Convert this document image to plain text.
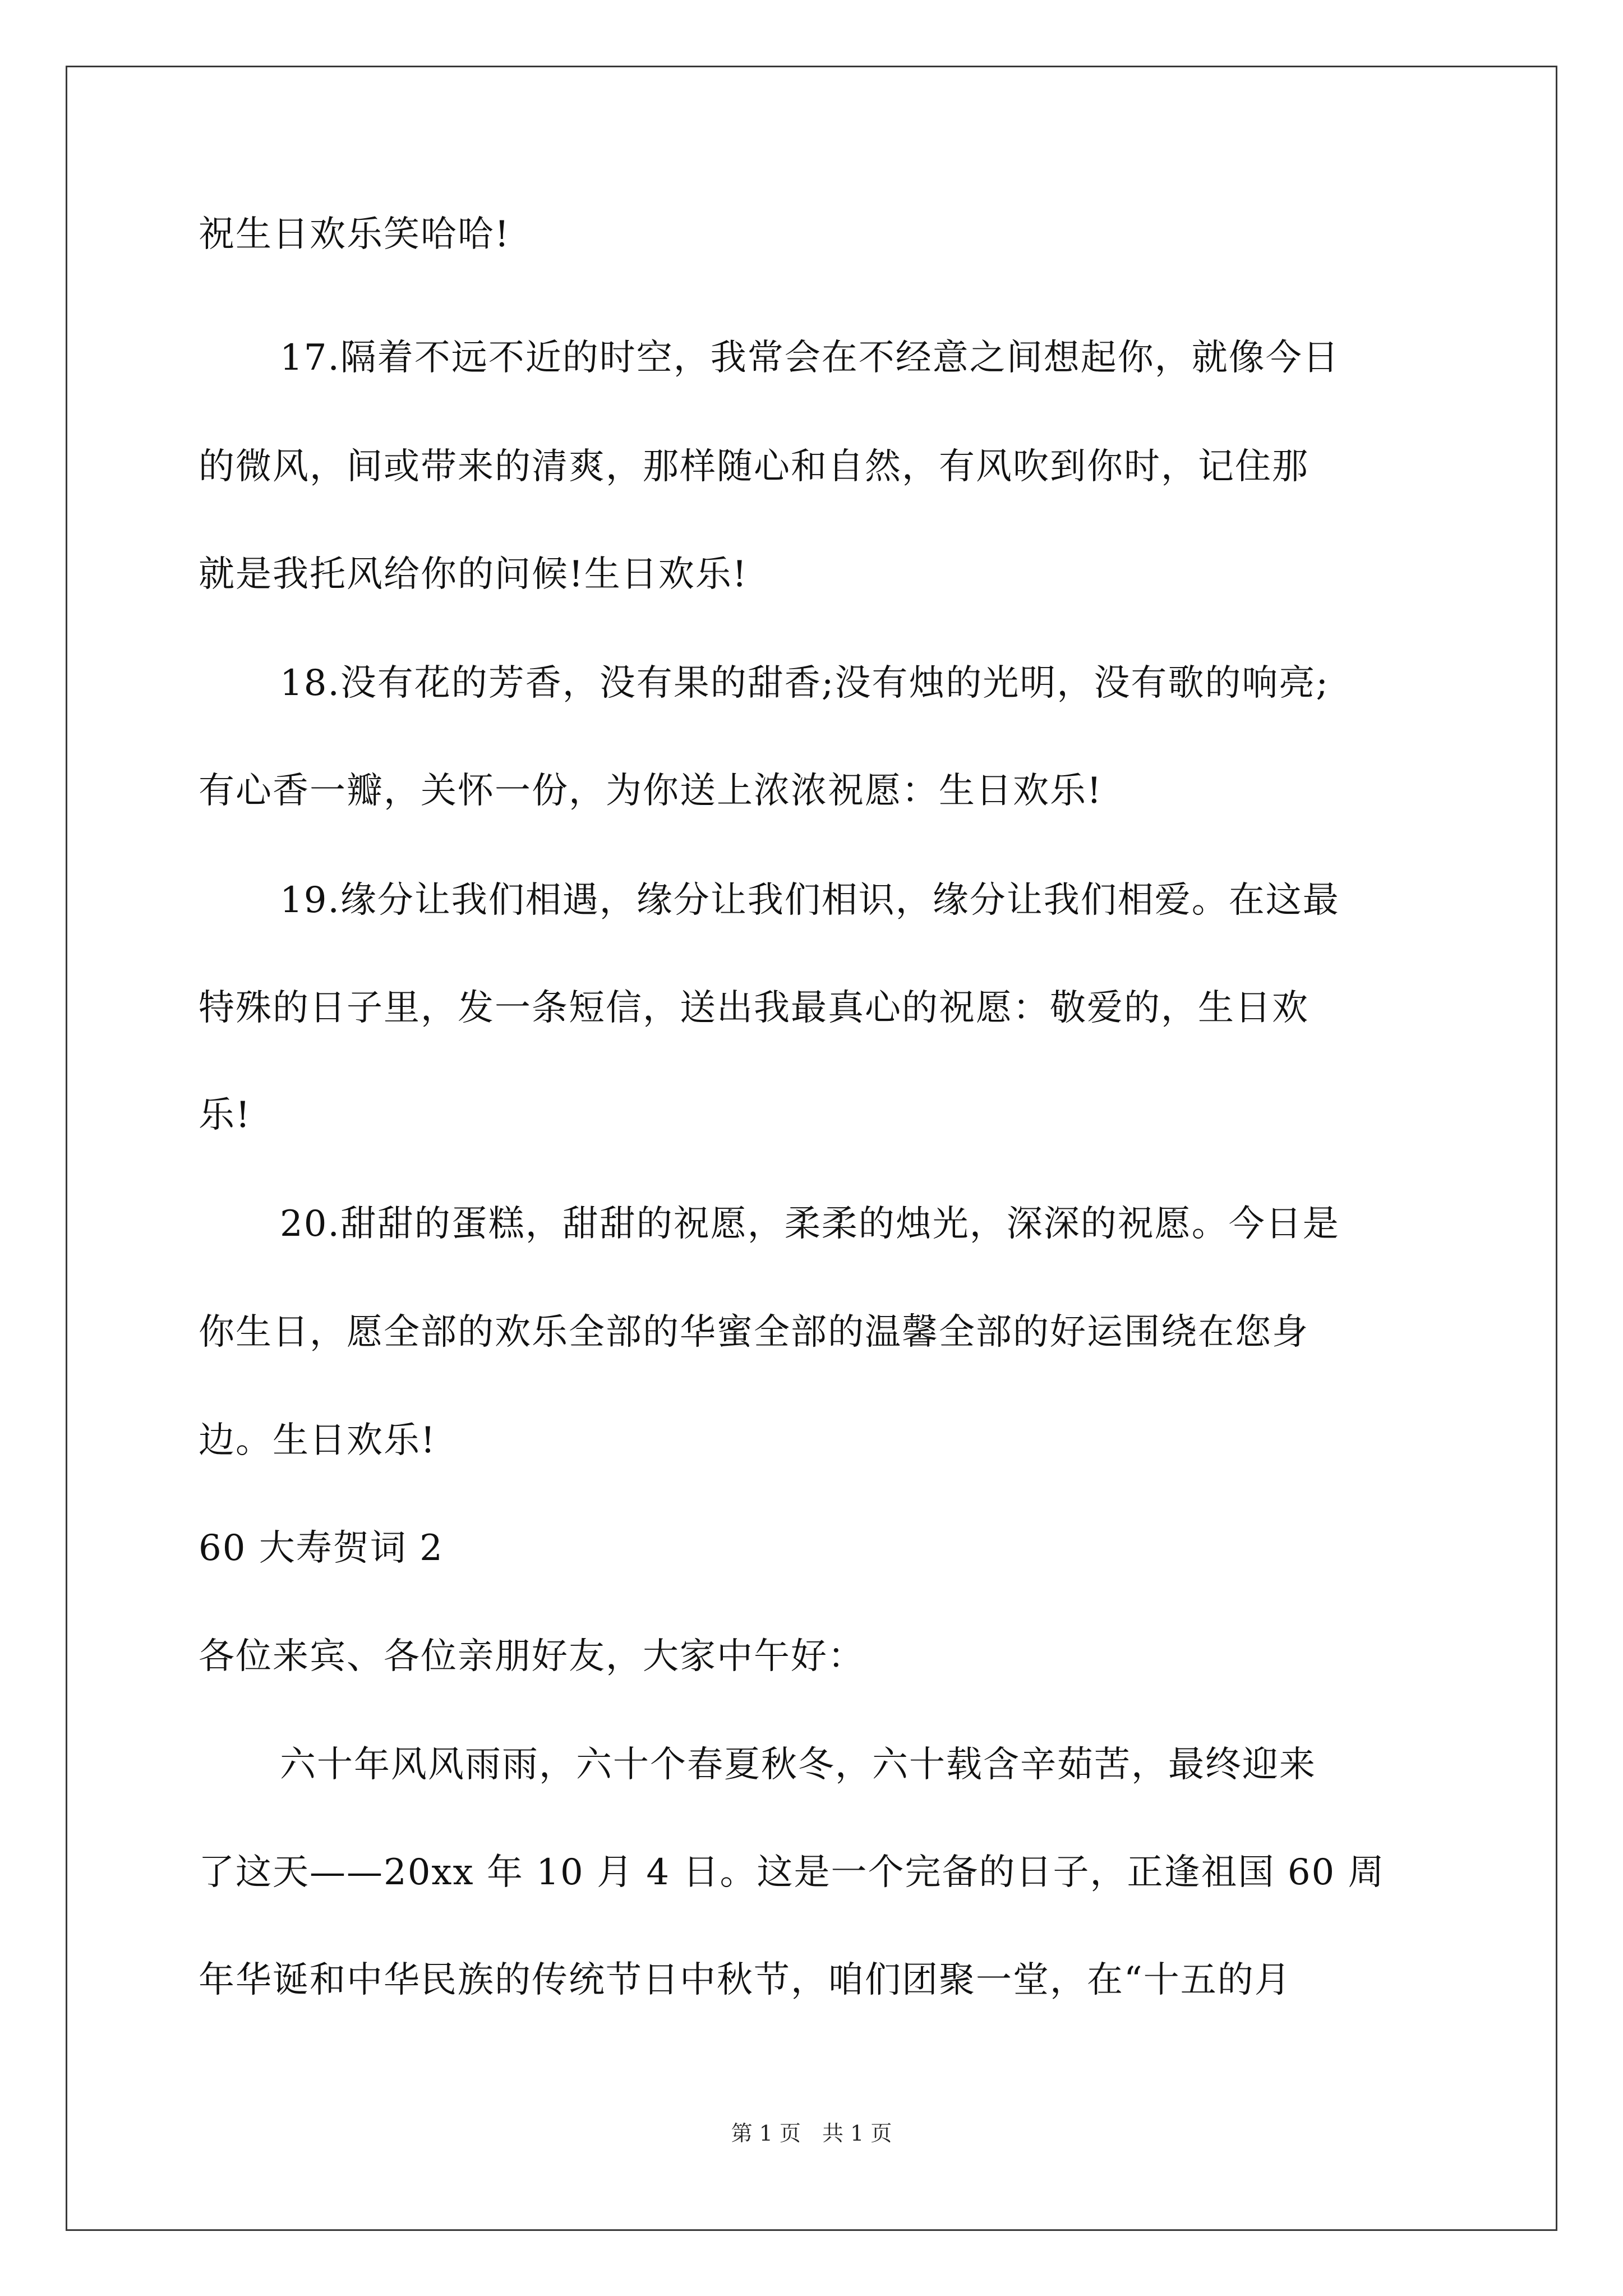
祝生日欢乐笑哈哈!
17.隔着不远不近的时空，我常会在不经意之间想起你，就像今日
的微风，间或带来的清爽，那样随心和自然，有风吹到你时，记住那
就是我托风给你的问候!生日欢乐!
18.没有花的芳香，没有果的甜香;没有烛的光明，没有歌的响亮;
有心香一瓣，关怀一份，为你送上浓浓祝愿：生日欢乐!
19.缘分让我们相遇，缘分让我们相识，缘分让我们相爱。在这最
特殊的日子里，发一条短信，送出我最真心的祝愿：敬爱的，生日欢
乐!
20.甜甜的蛋糕，甜甜的祝愿，柔柔的烛光，深深的祝愿。今日是
你生日，愿全部的欢乐全部的华蜜全部的温馨全部的好运围绕在您身
边。生日欢乐!
60 大寿贺词 2
各位来宾、各位亲朋好友，大家中午好：
六十年风风雨雨，六十个春夏秋冬，六十载含辛茹苦，最终迎来
了这天——20xx 年 10 月 4 日。这是一个完备的日子，正逢祖国 60 周
年华诞和中华民族的传统节日中秋节，咱们团聚一堂，在“十五的月
第 1 页　共 1 页
